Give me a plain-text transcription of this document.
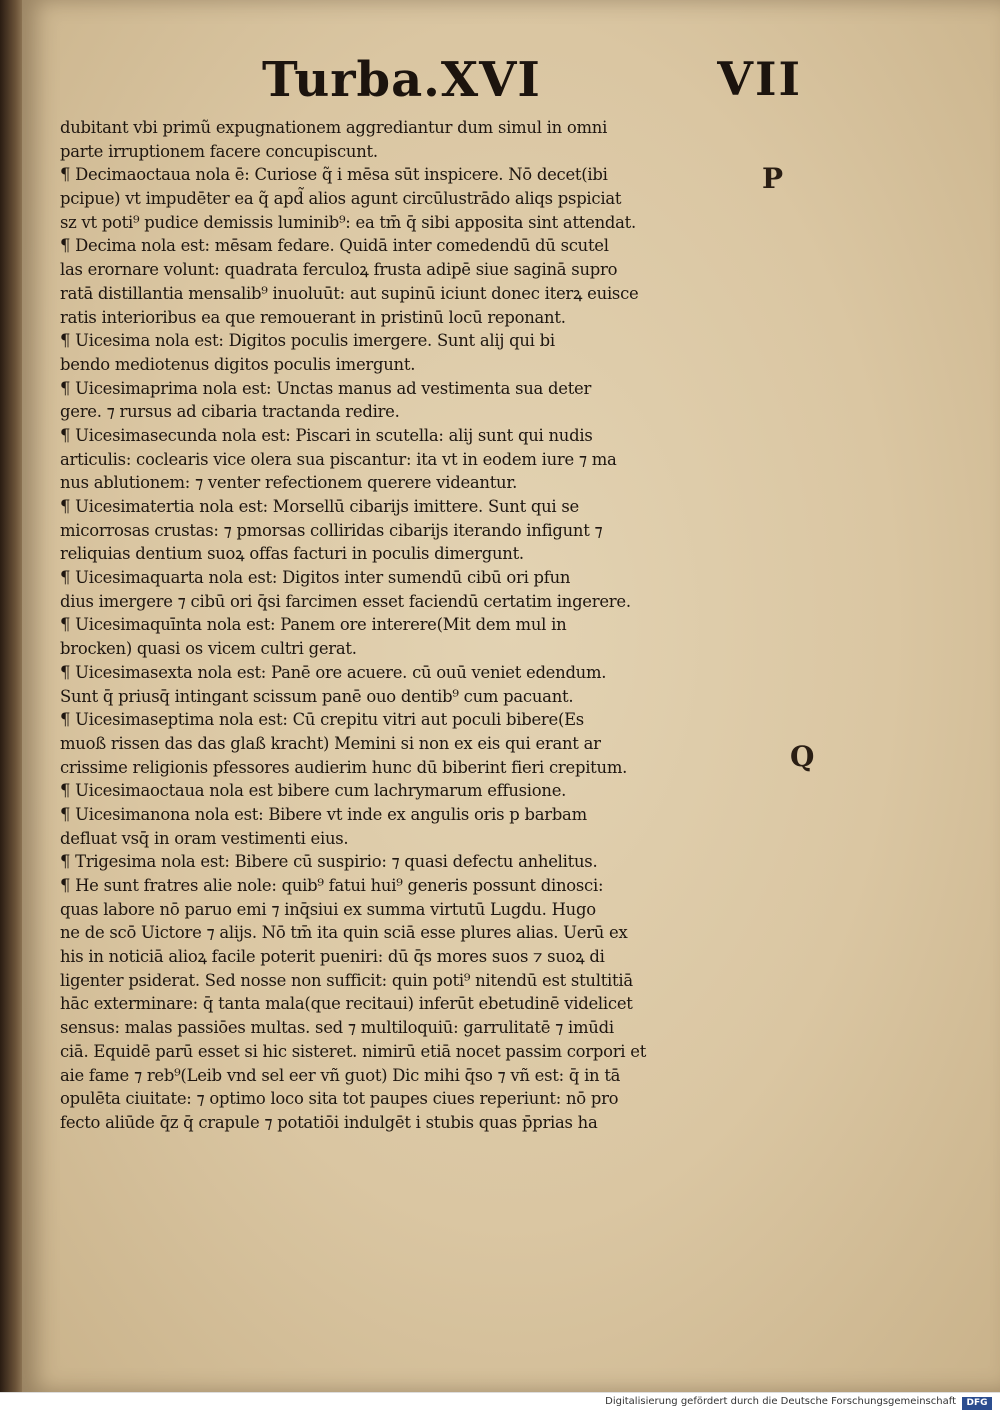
Turba.XVI	VII
P
Q
dubitant vbi primũ expugnationem aggrediantur dum simul in omni
parte irruptionem facere concupiscunt.
¶ Decimaoctaua nola ē: Curiose q̃ i mēsa sūt inspicere. Nō decet(ibi
pcipue) vt impudēter ea q̃ apd̃ alios agunt circūlustrādo aliqs pspiciat
sz vt poti⁹ pudice demissis luminib⁹: ea tm̄ q̄ sibi apposita sint attendat.
¶ Decima nola est: mēsam fedare. Quidā inter comedendū dū scutel
las erornare volunt: quadrata ferculoꝝ frusta adipē siue saginā supro
ratā distillantia mensalib⁹ inuoluūt: aut supinū iciunt donec iterꝝ euisce
ratis interioribus ea que remouerant in pristinū locū reponant.
¶ Uicesima nola est: Digitos poculis imergere. Sunt alij qui bi
bendo mediotenus digitos poculis imergunt.
¶ Uicesimaprima nola est: Unctas manus ad vestimenta sua deter
gere. ⁊ rursus ad cibaria tractanda redire.
¶ Uicesimasecunda nola est: Piscari in scutella: alij sunt qui nudis
articulis: coclearis vice olera sua piscantur: ita vt in eodem iure ⁊ ma
nus ablutionem: ⁊ venter refectionem querere videantur.
¶ Uicesimatertia nola est: Morsellū cibarijs imittere. Sunt qui se
micorrosas crustas: ⁊ pmorsas colliridas cibarijs iterando infigunt ⁊
reliquias dentium suoꝝ offas facturi in poculis dimergunt.
¶ Uicesimaquarta nola est: Digitos inter sumendū cibū ori pfun
dius imergere ⁊ cibū ori q̄si farcimen esset faciendū certatim ingerere.
¶ Uicesimaquīnta nola est: Panem ore interere(Mit dem mul in
brocken) quasi os vicem cultri gerat.
¶ Uicesimasexta nola est: Panē ore acuere. cū ouū veniet edendum.
Sunt q̄ priusq̄ intingant scissum panē ouo dentib⁹ cum pacuant.
¶ Uicesimaseptima nola est: Cū crepitu vitri aut poculi bibere(Es
muoß rissen das das glaß kracht) Memini si non ex eis qui erant ar
crissime religionis pfessores audierim hunc dū biberint fieri crepitum.
¶ Uicesimaoctaua nola est bibere cum lachrymarum effusione.
¶ Uicesimanona nola est: Bibere vt inde ex angulis oris p barbam
defluat vsq̄ in oram vestimenti eius.
¶ Trigesima nola est: Bibere cū suspirio: ⁊ quasi defectu anhelitus.
¶ He sunt fratres alie nole: quib⁹ fatui hui⁹ generis possunt dinosci:
quas labore nō paruo emi ⁊ inq̄siui ex summa virtutū Lugdu. Hugo
ne de scō Uictore ⁊ alijs. Nō tm̄ ita quin sciā esse plures alias. Uerū ex
his in noticiā alioꝝ facile poterit pueniri: dū q̄s mores suos ⁊ suoꝝ di
ligenter psiderat. Sed nosse non sufficit: quin poti⁹ nitendū est stultitiā
hāc exterminare: q̄ tanta mala(que recitaui) inferūt ebetudinē videlicet
sensus: malas passiōes multas. sed ⁊ multiloquiū: garrulitatē ⁊ imūdi
ciā. Equidē parū esset si hic sisteret. nimirū etiā nocet passim corpori et
aie fame ⁊ reb⁹(Leib vnd sel eer vñ guot) Dic mihi q̄so ⁊ vñ est: q̄ in tā
opulēta ciuitate: ⁊ optimo loco sita tot paupes ciues reperiunt: nō pro
fecto aliūde q̄z q̄ crapule ⁊ potatiōi indulgēt i stubis quas p̄prias ha
Digitalisierung gefördert durch die Deutsche Forschungsgemeinschaft	DFG
